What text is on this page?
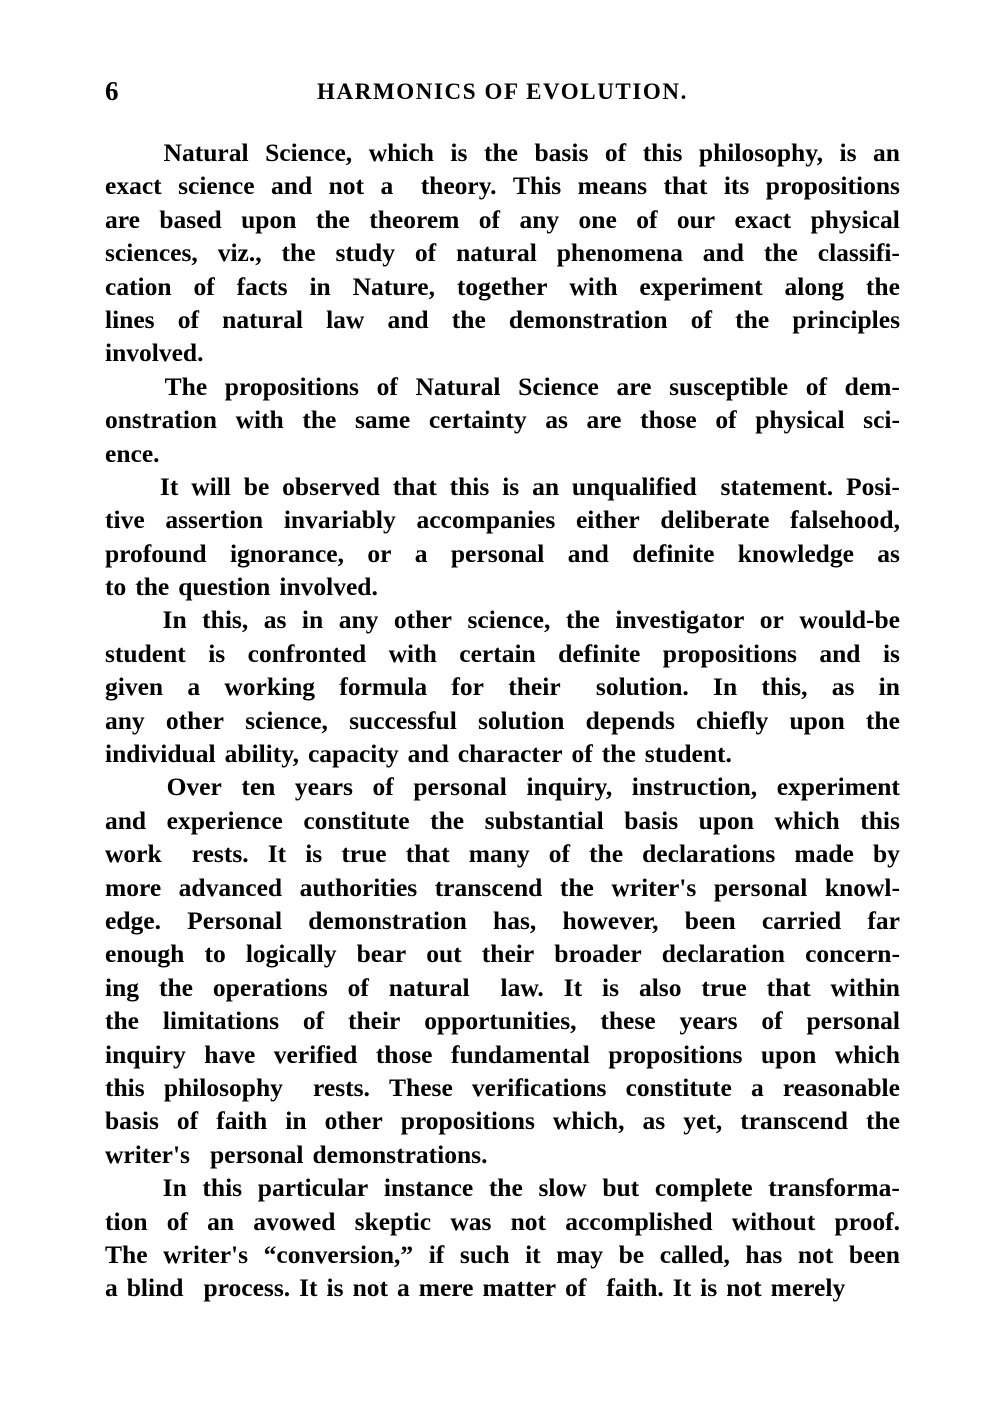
6	HARMONICS OF EVOLUTION.
Natural Science, which is the basis of this philosophy, is an
exact science and not a theory. This means that its propositions
are based upon the theorem of any one of our exact physical
sciences, viz., the study of natural phenomena and the classifi-
cation of facts in Nature, together with experiment along the
lines of natural law and the demonstration of the principles
involved.
The propositions of Natural Science are susceptible of dem-
onstration with the same certainty as are those of physical sci-
ence.
It will be observed that this is an unqualified statement. Posi-
tive assertion invariably accompanies either deliberate falsehood,
profound ignorance, or a personal and definite knowledge as
to the question involved.
In this, as in any other science, the investigator or would-be
student is confronted with certain definite propositions and is
given a working formula for their solution. In this, as in
any other science, successful solution depends chiefly upon the
individual ability, capacity and character of the student.
Over ten years of personal inquiry, instruction, experiment
and experience constitute the substantial basis upon which this
work rests. It is true that many of the declarations made by
more advanced authorities transcend the writer's personal knowl-
edge. Personal demonstration has, however, been carried far
enough to logically bear out their broader declaration concern-
ing the operations of natural law. It is also true that within
the limitations of their opportunities, these years of personal
inquiry have verified those fundamental propositions upon which
this philosophy rests. These verifications constitute a reasonable
basis of faith in other propositions which, as yet, transcend the
writer's personal demonstrations.
In this particular instance the slow but complete transforma-
tion of an avowed skeptic was not accomplished without proof.
The writer's “conversion,” if such it may be called, has not been
a blind process. It is not a mere matter of faith. It is not merely
